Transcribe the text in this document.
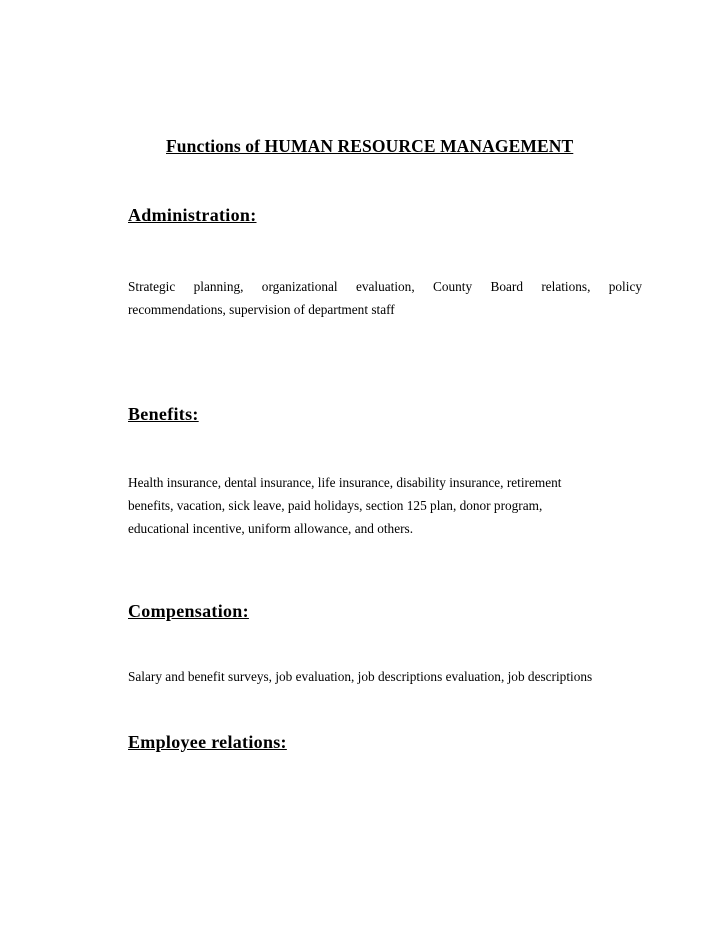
Functions of HUMAN RESOURCE MANAGEMENT
Administration:
Strategic planning, organizational evaluation, County Board relations, policy
recommendations, supervision of department staff
Benefits:
Health insurance, dental insurance, life insurance, disability insurance, retirement
benefits, vacation, sick leave, paid holidays, section 125 plan, donor program,
educational incentive, uniform allowance, and others.
Compensation:
Salary and benefit surveys, job evaluation, job descriptions evaluation, job descriptions
Employee relations:
